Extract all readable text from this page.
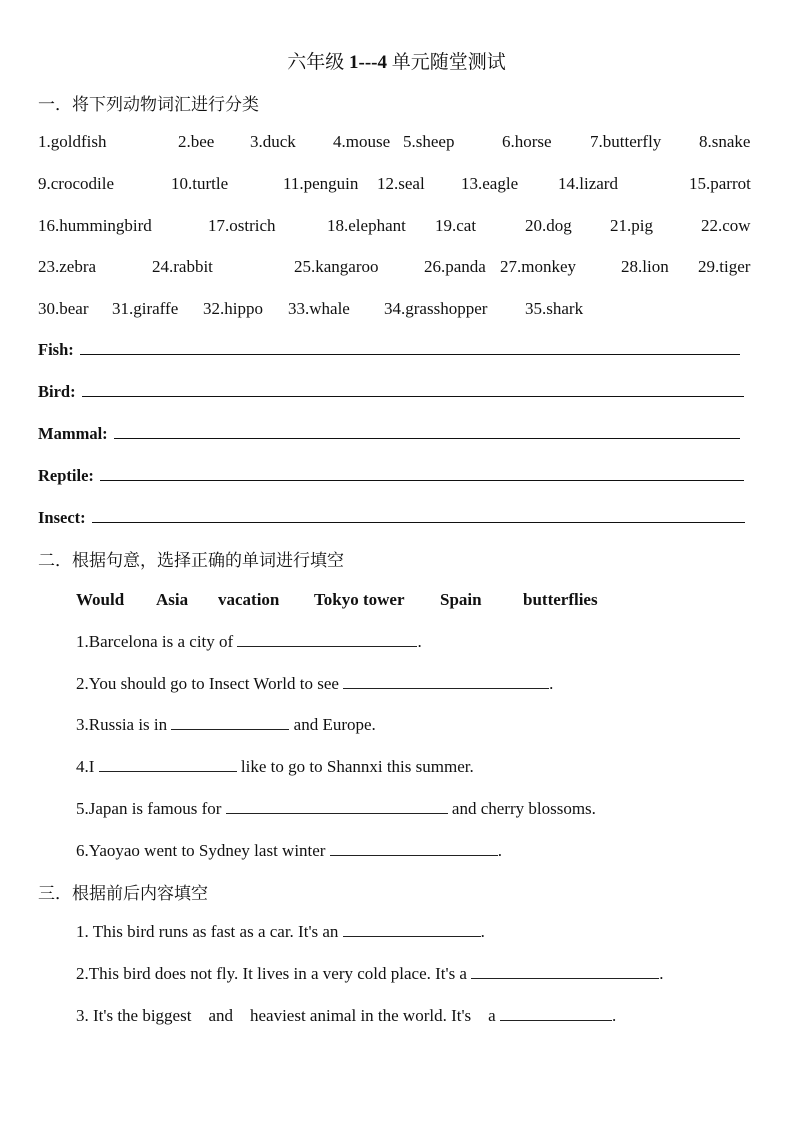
六年级 1---4 单元随堂测试
一．将下列动物词汇进行分类
1.goldfish	2.bee 3.duck 4.mouse 5.sheep	6.horse 7.butterfly 8.snake
9.crocodile	10.turtle	11.penguin 12.seal 13.eagle 14.lizard	15.parrot
16.hummingbird	17.ostrich	18.elephant 19.cat	20.dog 21.pig	22.cow
23.zebra	24.rabbit	25.kangaroo	26.panda 27.monkey	28.lion 29.tiger
30.bear 31.giraffe 32.hippo 33.whale 34.grasshopper 35.shark
Fish:
Bird:
Mammal:
Reptile:
Insect:
二．根据句意，选择正确的单词进行填空
Would Asia vacation Tokyo tower Spain butterflies
1.Barcelona is a city of	.
2.You should go to Insect World to see	.
3.Russia is in	and Europe.
4.I	like to go to Shannxi this summer.
5.Japan is famous for	and cherry blossoms.
6.Yaoyao went to Sydney last winter	.
三．根据前后内容填空
1. This bird runs as fast as a car. It's an	.
2.This bird does not fly. It lives in a very cold place. It's a	.
3. It's the biggest    and    heaviest animal in the world. It's    a	.
